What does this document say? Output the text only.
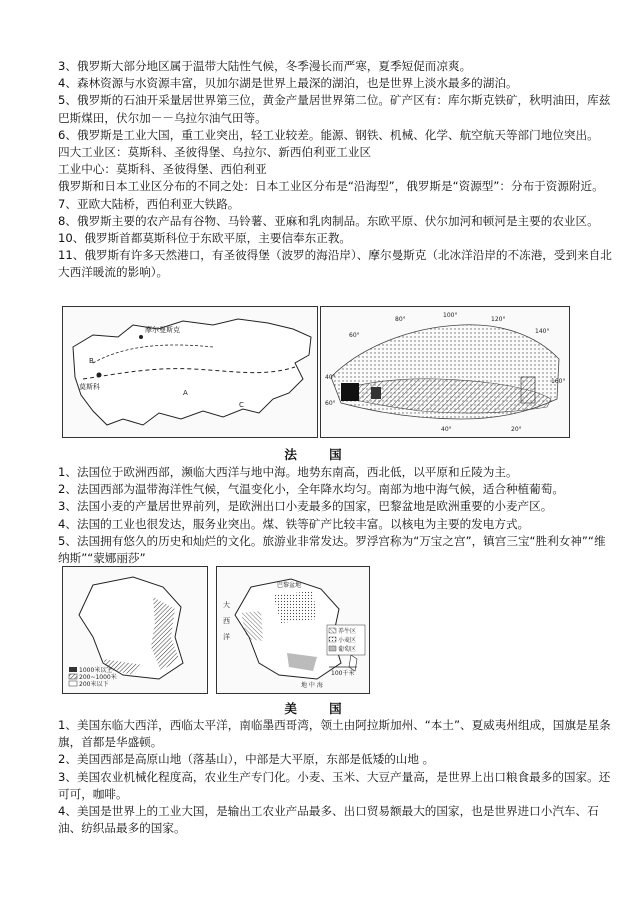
3、俄罗斯大部分地区属于温带大陆性气候，冬季漫长而严寒，夏季短促而凉爽。

4、森林资源与水资源丰富，贝加尔湖是世界上最深的湖泊，也是世界上淡水最多的湖泊。

5、俄罗斯的石油开采量居世界第三位，黄金产量居世界第二位。矿产区有：库尔斯克铁矿，秋明油田，库兹巴斯煤田，伏尔加－－乌拉尔油气田等。

6、俄罗斯是工业大国，重工业突出，轻工业较差。能源、钢铁、机械、化学、航空航天等部门地位突出。

四大工业区：莫斯科、圣彼得堡、乌拉尔、新西伯利亚工业区

工业中心：莫斯科、圣彼得堡、西伯利亚

俄罗斯和日本工业区分布的不同之处：日本工业区分布是“沿海型”，俄罗斯是“资源型”：分布于资源附近。

7、亚欧大陆桥，西伯利亚大铁路。

8、俄罗斯主要的农产品有谷物、马铃薯、亚麻和乳肉制品。东欧平原、伏尔加河和顿河是主要的农业区。

10、俄罗斯首都莫斯科位于东欧平原，主要信奉东正教。

11、俄罗斯有许多天然港口，有圣彼得堡（波罗的海沿岸）、摩尔曼斯克（北冰洋沿岸的不冻港，受到来自北大西洋暖流的影响）。

摩尔曼斯克
莫斯科
B
A
C
40°
60°
80°
100°
120°
140°
160°
60°
40°	20°
法 国

1、法国位于欧洲西部，濒临大西洋与地中海。地势东南高，西北低，以平原和丘陵为主。

2、法国西部为温带海洋性气候，气温变化小，全年降水均匀。南部为地中海气候，适合种植葡萄。

3、法国小麦的产量居世界前列，是欧洲出口小麦最多的国家，巴黎盆地是欧洲重要的小麦产区。

4、法国的工业也很发达，服务业突出。煤、铁等矿产比较丰富。以核电为主要的发电方式。

5、法国拥有悠久的历史和灿烂的文化。旅游业非常发达。罗浮宫称为“万宝之宫”，镇宫三宝“胜利女神”“维纳斯”“蒙娜丽莎”

1000米以上
200~1000米
200米以下
大
西
洋
地 中 海
巴黎盆地
养牛区
小麦区
葡萄区
100千米
美 国

1、美国东临大西洋，西临太平洋，南临墨西哥湾，领土由阿拉斯加州、“本土”、夏威夷州组成，国旗是星条旗，首都是华盛顿。

2、美国西部是高原山地（落基山），中部是大平原，东部是低矮的山地 。

3、美国农业机械化程度高，农业生产专门化。小麦、玉米、大豆产量高，是世界上出口粮食最多的国家。还可可，咖啡。

4、美国是世界上的工业大国，是输出工农业产品最多、出口贸易额最大的国家，也是世界进口小汽车、石油、纺织品最多的国家。
